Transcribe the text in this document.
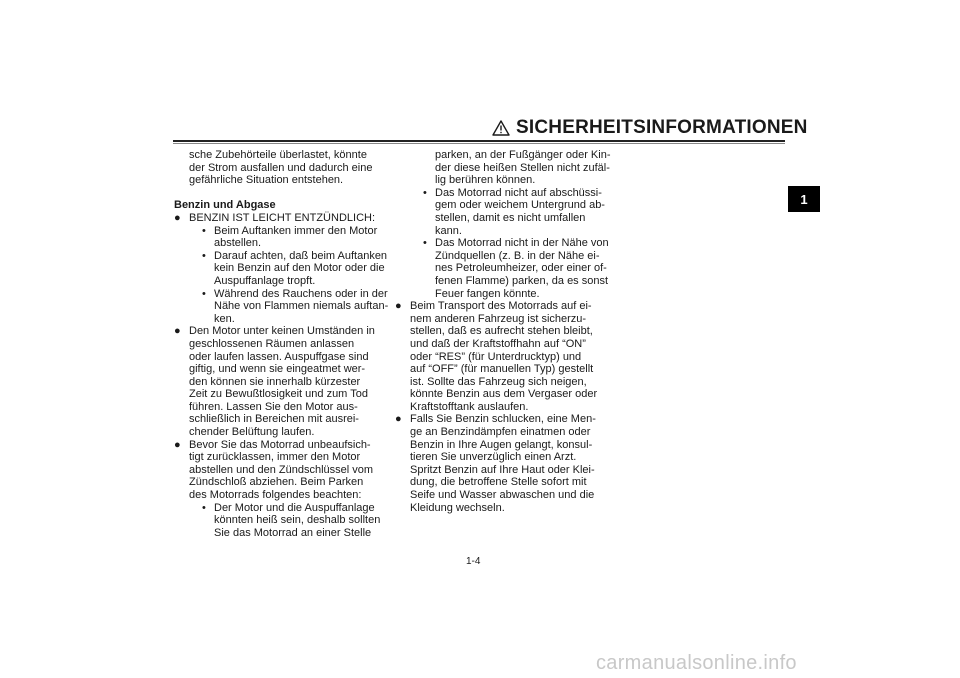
SICHERHEITSINFORMATIONEN
1
sche Zubehörteile überlastet, könnte
der Strom ausfallen und dadurch eine
gefährliche Situation entstehen.
Benzin und Abgase
● BENZIN IST LEICHT ENTZÜNDLICH:
• Beim Auftanken immer den Motor
abstellen.
• Darauf achten, daß beim Auftanken
kein Benzin auf den Motor oder die
Auspuffanlage tropft.
• Während des Rauchens oder in der
Nähe von Flammen niemals auftan-
ken.
● Den Motor unter keinen Umständen in
geschlossenen Räumen anlassen
oder laufen lassen. Auspuffgase sind
giftig, und wenn sie eingeatmet wer-
den können sie innerhalb kürzester
Zeit zu Bewußtlosigkeit und zum Tod
führen. Lassen Sie den Motor aus-
schließlich in Bereichen mit ausrei-
chender Belüftung laufen.
● Bevor Sie das Motorrad unbeaufsich-
tigt zurücklassen, immer den Motor
abstellen und den Zündschlüssel vom
Zündschloß abziehen. Beim Parken
des Motorrads folgendes beachten:
• Der Motor und die Auspuffanlage
könnten heiß sein, deshalb sollten
Sie das Motorrad an einer Stelle
parken, an der Fußgänger oder Kin-
der diese heißen Stellen nicht zufäl-
lig berühren können.
• Das Motorrad nicht auf abschüssi-
gem oder weichem Untergrund ab-
stellen, damit es nicht umfallen
kann.
• Das Motorrad nicht in der Nähe von
Zündquellen (z. B. in der Nähe ei-
nes Petroleumheizer, oder einer of-
fenen Flamme) parken, da es sonst
Feuer fangen könnte.
● Beim Transport des Motorrads auf ei-
nem anderen Fahrzeug ist sicherzu-
stellen, daß es aufrecht stehen bleibt,
und daß der Kraftstoffhahn auf “ON”
oder “RES” (für Unterdrucktyp) und
auf “OFF” (für manuellen Typ) gestellt
ist. Sollte das Fahrzeug sich neigen,
könnte Benzin aus dem Vergaser oder
Kraftstofftank auslaufen.
● Falls Sie Benzin schlucken, eine Men-
ge an Benzindämpfen einatmen oder
Benzin in Ihre Augen gelangt, konsul-
tieren Sie unverzüglich einen Arzt.
Spritzt Benzin auf Ihre Haut oder Klei-
dung, die betroffene Stelle sofort mit
Seife und Wasser abwaschen und die
Kleidung wechseln.
1-4
carmanualsonline.info
